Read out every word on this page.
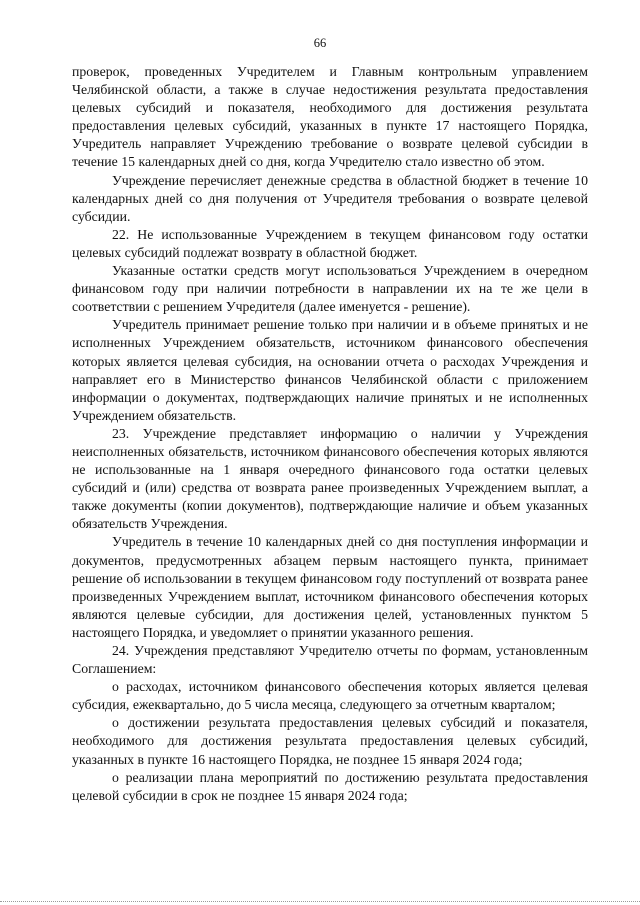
66

проверок, проведенных Учредителем и Главным контрольным управлением Челябинской области, а также в случае недостижения результата предоставления целевых субсидий и показателя, необходимого для достижения результата предоставления целевых субсидий, указанных в пункте 17 настоящего Порядка, Учредитель направляет Учреждению требование о возврате целевой субсидии в течение 15 календарных дней со дня, когда Учредителю стало известно об этом.

Учреждение перечисляет денежные средства в областной бюджет в течение 10 календарных дней со дня получения от Учредителя требования о возврате целевой субсидии.

22. Не использованные Учреждением в текущем финансовом году остатки целевых субсидий подлежат возврату в областной бюджет.

Указанные остатки средств могут использоваться Учреждением в очередном финансовом году при наличии потребности в направлении их на те же цели в соответствии с решением Учредителя (далее именуется - решение).

Учредитель принимает решение только при наличии и в объеме принятых и не исполненных Учреждением обязательств, источником финансового обеспечения которых является целевая субсидия, на основании отчета о расходах Учреждения и направляет его в Министерство финансов Челябинской области с приложением информации о документах, подтверждающих наличие принятых и не исполненных Учреждением обязательств.

23. Учреждение представляет информацию о наличии у Учреждения неисполненных обязательств, источником финансового обеспечения которых являются не использованные на 1 января очередного финансового года остатки целевых субсидий и (или) средства от возврата ранее произведенных Учреждением выплат, а также документы (копии документов), подтверждающие наличие и объем указанных обязательств Учреждения.

Учредитель в течение 10 календарных дней со дня поступления информации и документов, предусмотренных абзацем первым настоящего пункта, принимает решение об использовании в текущем финансовом году поступлений от возврата ранее произведенных Учреждением выплат, источником финансового обеспечения которых являются целевые субсидии, для достижения целей, установленных пунктом 5 настоящего Порядка, и уведомляет о принятии указанного решения.

24. Учреждения представляют Учредителю отчеты по формам, установленным Соглашением:

о расходах, источником финансового обеспечения которых является целевая субсидия, ежеквартально, до 5 числа месяца, следующего за отчетным кварталом;

о достижении результата предоставления целевых субсидий и показателя, необходимого для достижения результата предоставления целевых субсидий, указанных в пункте 16 настоящего Порядка, не позднее 15 января 2024 года;

о реализации плана мероприятий по достижению результата предоставления целевой субсидии в срок не позднее 15 января 2024 года;
